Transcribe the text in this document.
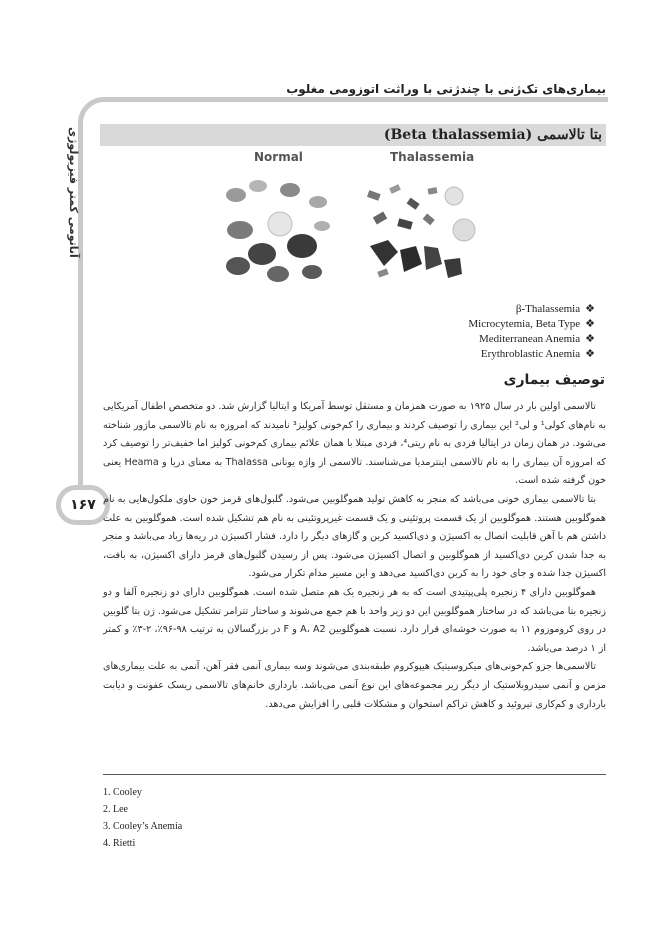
آناتومی کمتر فیزیولوژی
۱۶۷
بیماری‌های تک‌ژنی با چندژنی با وراثت اتوزومی مغلوب
بتا تالاسمی (Beta thalassemia)
Normal	Thalassemia
β-Thalassemia ❖
Microcytemia, Beta Type ❖
Mediterranean Anemia ❖
Erythroblastic Anemia ❖
توصیف بیماری

تالاسمی اولین بار در سال ۱۹۲۵ به صورت همزمان و مستقل توسط آمریکا و ایتالیا گزارش شد. دو متخصص اطفال آمریکایی به نام‌های کولی¹ و لی² این بیماری را توصیف کردند و بیماری را کم‌خونی کولیز³ نامیدند که امروزه به نام تالاسمی ماژور شناخته می‌شود. در همان زمان در ایتالیا فردی به نام ریتی⁴، فردی مبتلا با همان علائم بیماری کم‌خونی کولیز اما خفیف‌تر را توصیف کرد که امروزه آن بیماری را به نام تالاسمی اینترمدیا می‌شناسند. تالاسمی از واژه یونانی Thalassa به معنای دریا و Heama یعنی خون گرفته شده است.

بتا تالاسمی بیماری خونی می‌باشد که منجر به کاهش تولید هموگلوبین می‌شود. گلبول‌های قرمز خون حاوی ملکول‌هایی به نام هموگلوبین هستند. هموگلوبین از یک قسمت پروتئینی و یک قسمت غیرپروتئینی به نام هم تشکیل شده است. هموگلوبین به علت داشتن هم با آهن قابلیت اتصال به اکسیژن و دی‌اکسید کربن و گازهای دیگر را دارد. فشار اکسیژن در ریه‌ها زیاد می‌باشد و منجر به جدا شدن کربن دی‌اکسید از هموگلوبین و اتصال اکسیژن می‌شود. پس از رسیدن گلبول‌های قرمز دارای اکسیژن، به بافت، اکسیژن جدا شده و جای خود را به کربن دی‌اکسید می‌دهد و این مسیر مدام تکرار می‌شود.

هموگلوبین دارای ۴ زنجیره پلی‌پپتیدی است که به هر زنجیره یک هم متصل شده است. هموگلوبین دارای دو زنجیره آلفا و دو زنجیره بتا می‌باشد که در ساختار هموگلوبین این دو زیر واحد با هم جمع می‌شوند و ساختار تترامر تشکیل می‌شود. ژن بتا گلوبین در روی کروموزوم ۱۱ به صورت خوشه‌ای قرار دارد. نسبت هموگلوبین A، A2 و F در بزرگسالان به ترتیب ۹۸-۹۶٪، ۲-۳٪ و کمتر از ۱ درصد می‌باشد.

تالاسمی‌ها جزو کم‌خونی‌های میکروسیتیک هیپوکروم طبقه‌بندی می‌شوند وسه بیماری آنمی فقر آهن، آنمی به علت بیماری‌های مزمن و آنمی سیدروبلاستیک از دیگر زیر مجموعه‌های این نوع آنمی می‌باشد. بارداری خانم‌های تالاسمی ریسک عفونت و دیابت بارداری و کم‌کاری تیروئید و کاهش تراکم استخوان و مشکلات قلبی را افزایش می‌دهد.

1. Cooley
2. Lee
3. Cooley’s Anemia
4. Rietti
